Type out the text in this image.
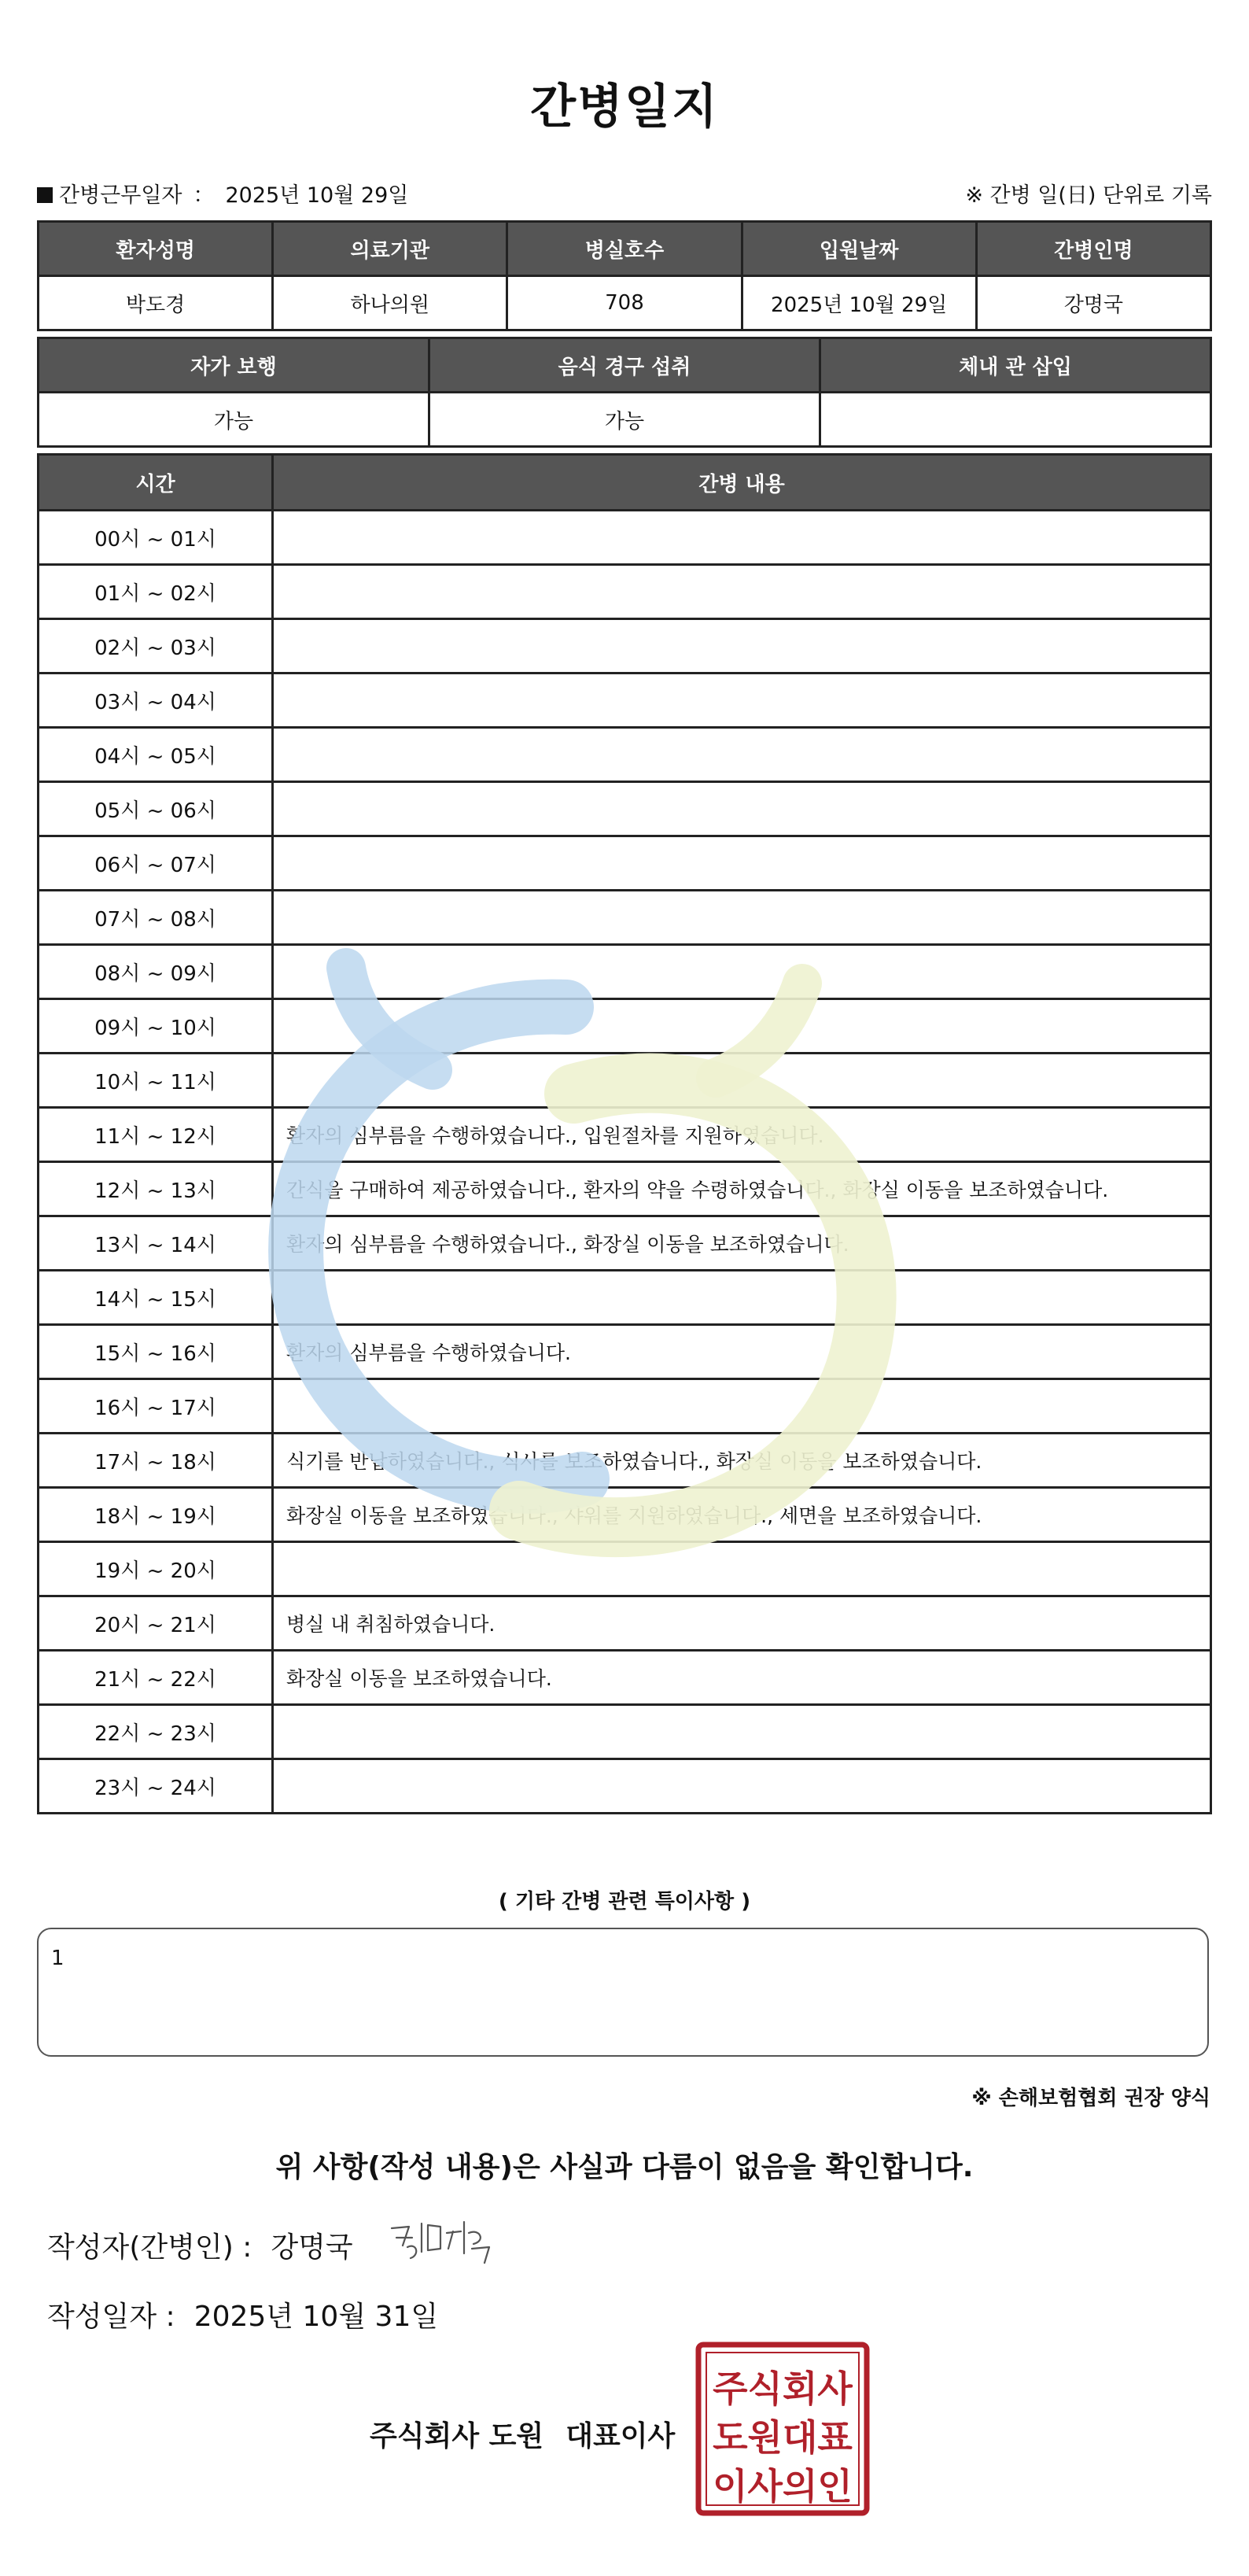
간병일지
간병근무일자 ： 2025년 10월 29일	※ 간병 일(日) 단위로 기록
환자성명	의료기관	병실호수	입원날짜	간병인명
박도경	하나의원	708	2025년 10월 29일	강명국
자가 보행	음식 경구 섭취	체내 관 삽입
가능	가능	
시간	간병 내용
00시 ~ 01시	
01시 ~ 02시	
02시 ~ 03시	
03시 ~ 04시	
04시 ~ 05시	
05시 ~ 06시	
06시 ~ 07시	
07시 ~ 08시	
08시 ~ 09시	
09시 ~ 10시	
10시 ~ 11시	
11시 ~ 12시	환자의 심부름을 수행하였습니다., 입원절차를 지원하였습니다.
12시 ~ 13시	간식을 구매하여 제공하였습니다., 환자의 약을 수령하였습니다., 화장실 이동을 보조하였습니다.
13시 ~ 14시	환자의 심부름을 수행하였습니다., 화장실 이동을 보조하였습니다.
14시 ~ 15시	
15시 ~ 16시	환자의 심부름을 수행하였습니다.
16시 ~ 17시	
17시 ~ 18시	식기를 반납하였습니다., 식사를 보조하였습니다., 화장실 이동을 보조하였습니다.
18시 ~ 19시	화장실 이동을 보조하였습니다., 샤워를 지원하였습니다., 세면을 보조하였습니다.
19시 ~ 20시	
20시 ~ 21시	병실 내 취침하였습니다.
21시 ~ 22시	화장실 이동을 보조하였습니다.
22시 ~ 23시	
23시 ~ 24시	
( 기타 간병 관련 특이사항 )
1
※ 손해보험협회 권장 양식
위 사항(작성 내용)은 사실과 다름이 없음을 확인합니다.
작성자(간병인) : 강명국
작성일자 : 2025년 10월 31일
주식회사 도원 대표이사
주식회사
도원대표
이사의인
